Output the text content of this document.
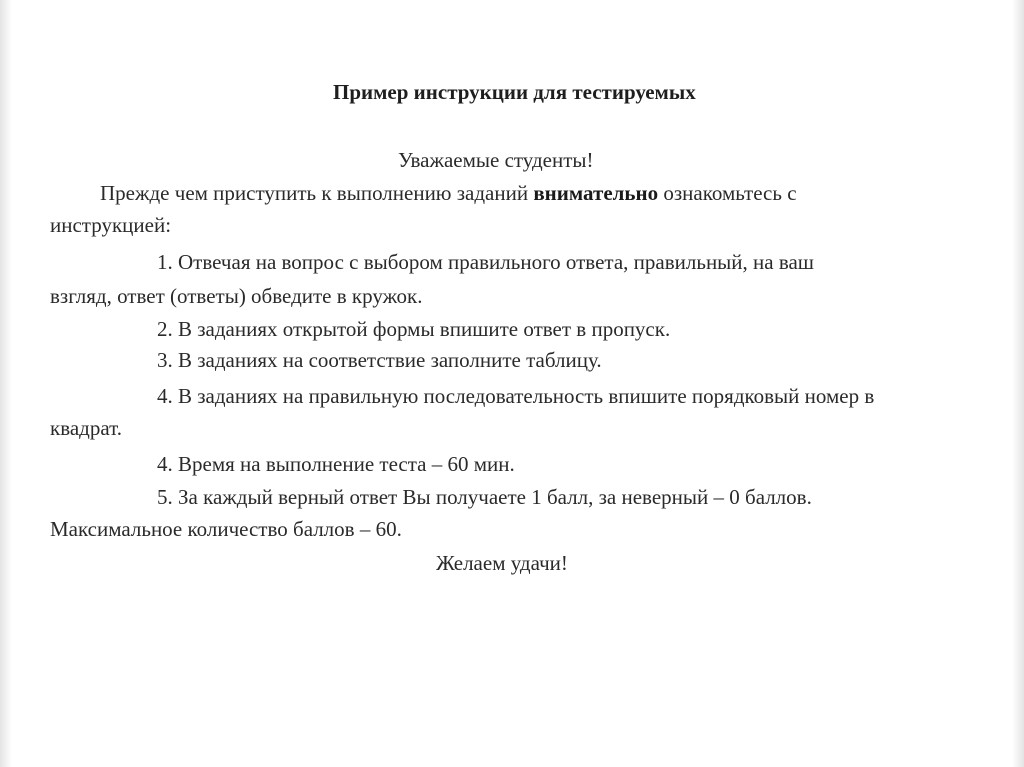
Пример инструкции для тестируемых
Уважаемые студенты!
Прежде чем приступить к выполнению заданий внимательно ознакомьтесь с
инструкцией:
1. Отвечая на вопрос с выбором правильного ответа, правильный, на ваш
взгляд, ответ (ответы) обведите в кружок.
2. В заданиях открытой формы впишите ответ в пропуск.
3. В заданиях на соответствие заполните таблицу.
4. В заданиях на правильную последовательность впишите порядковый номер в
квадрат.
4. Время на выполнение теста – 60 мин.
5. За каждый верный ответ Вы получаете 1 балл, за неверный – 0 баллов.
Максимальное количество баллов – 60.
Желаем удачи!
